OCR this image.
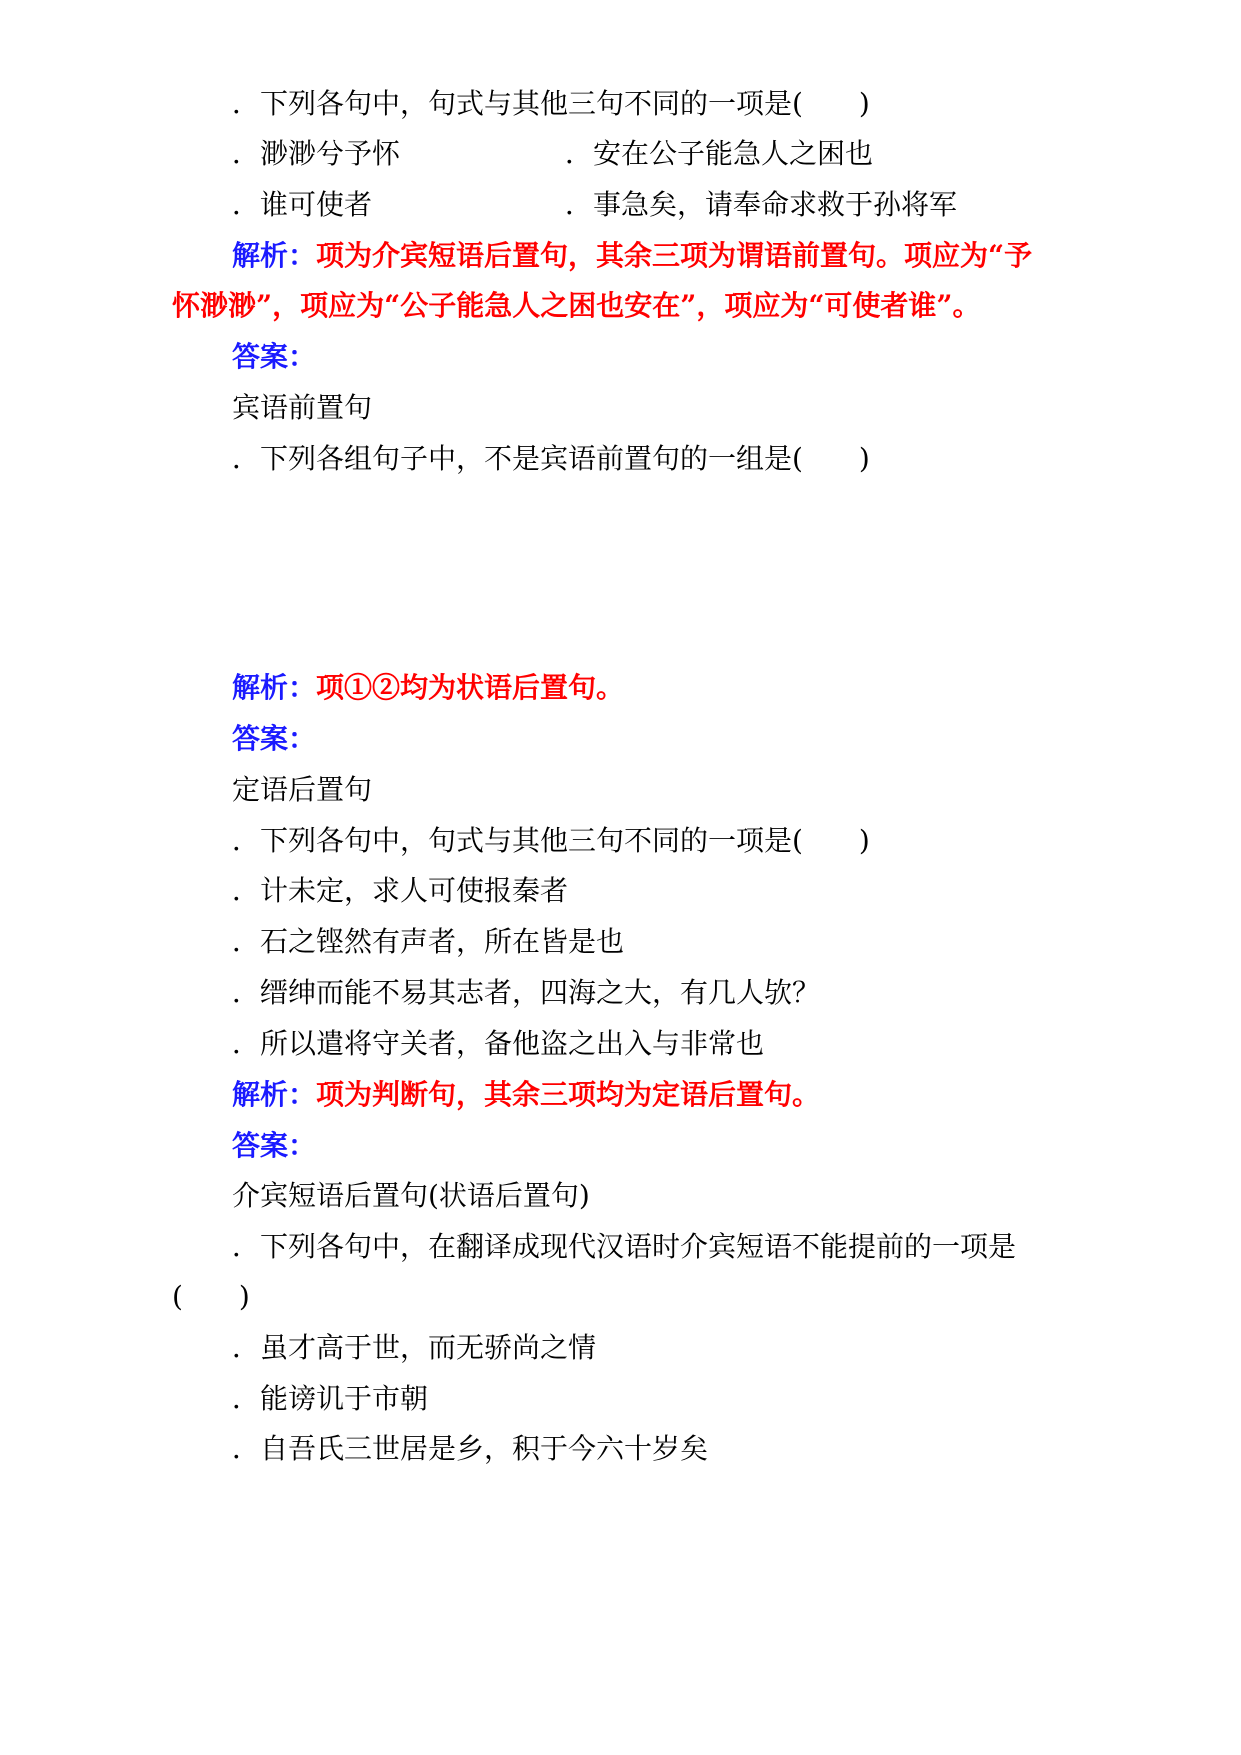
．下列各句中，句式与其他三句不同的一项是(　　)
．渺渺兮予怀	．安在公子能急人之困也
．谁可使者	．事急矣，请奉命求救于孙将军
解析：项为介宾短语后置句，其余三项为谓语前置句。项应为“予
怀渺渺”，项应为“公子能急人之困也安在”，项应为“可使者谁”。
答案：
宾语前置句
．下列各组句子中，不是宾语前置句的一组是(　　)
解析：项①②均为状语后置句。
答案：
定语后置句
．下列各句中，句式与其他三句不同的一项是(　　)
．计未定，求人可使报秦者
．石之铿然有声者，所在皆是也
．缙绅而能不易其志者，四海之大，有几人欤？
．所以遣将守关者，备他盗之出入与非常也
解析：项为判断句，其余三项均为定语后置句。
答案：
介宾短语后置句(状语后置句)
．下列各句中，在翻译成现代汉语时介宾短语不能提前的一项是
(　　)
．虽才高于世，而无骄尚之情
．能谤讥于市朝
．自吾氏三世居是乡，积于今六十岁矣
